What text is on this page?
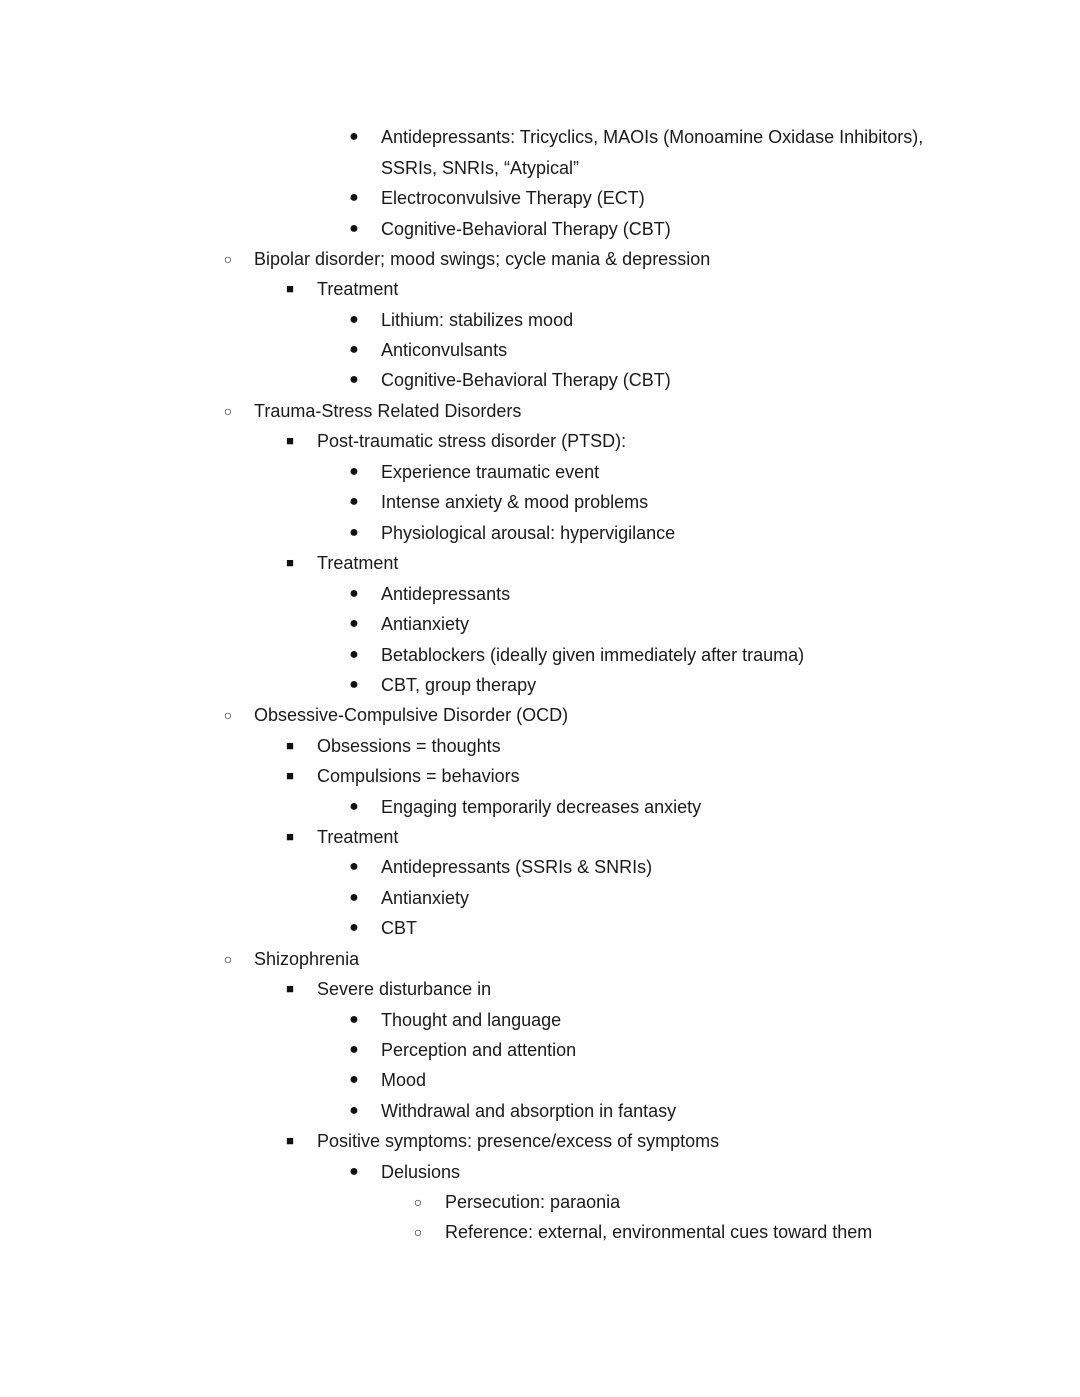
● Antidepressants: Tricyclics, MAOIs (Monoamine Oxidase Inhibitors),
SSRIs, SNRIs, “Atypical”
● Electroconvulsive Therapy (ECT)
● Cognitive-Behavioral Therapy (CBT)
○	Bipolar disorder; mood swings; cycle mania & depression
■	Treatment
● Lithium: stabilizes mood
● Anticonvulsants
● Cognitive-Behavioral Therapy (CBT)
○	Trauma-Stress Related Disorders
■	Post-traumatic stress disorder (PTSD):
● Experience traumatic event
● Intense anxiety & mood problems
● Physiological arousal: hypervigilance
■	Treatment
● Antidepressants
● Antianxiety
● Betablockers (ideally given immediately after trauma)
● CBT, group therapy
○	Obsessive-Compulsive Disorder (OCD)
■	Obsessions = thoughts
■	Compulsions = behaviors
● Engaging temporarily decreases anxiety
■	Treatment
● Antidepressants (SSRIs & SNRIs)
● Antianxiety
● CBT
○	Shizophrenia
■	Severe disturbance in
● Thought and language
● Perception and attention
● Mood
● Withdrawal and absorption in fantasy
■	Positive symptoms: presence/excess of symptoms
● Delusions
○	Persecution: paraonia
○	Reference: external, environmental cues toward them
